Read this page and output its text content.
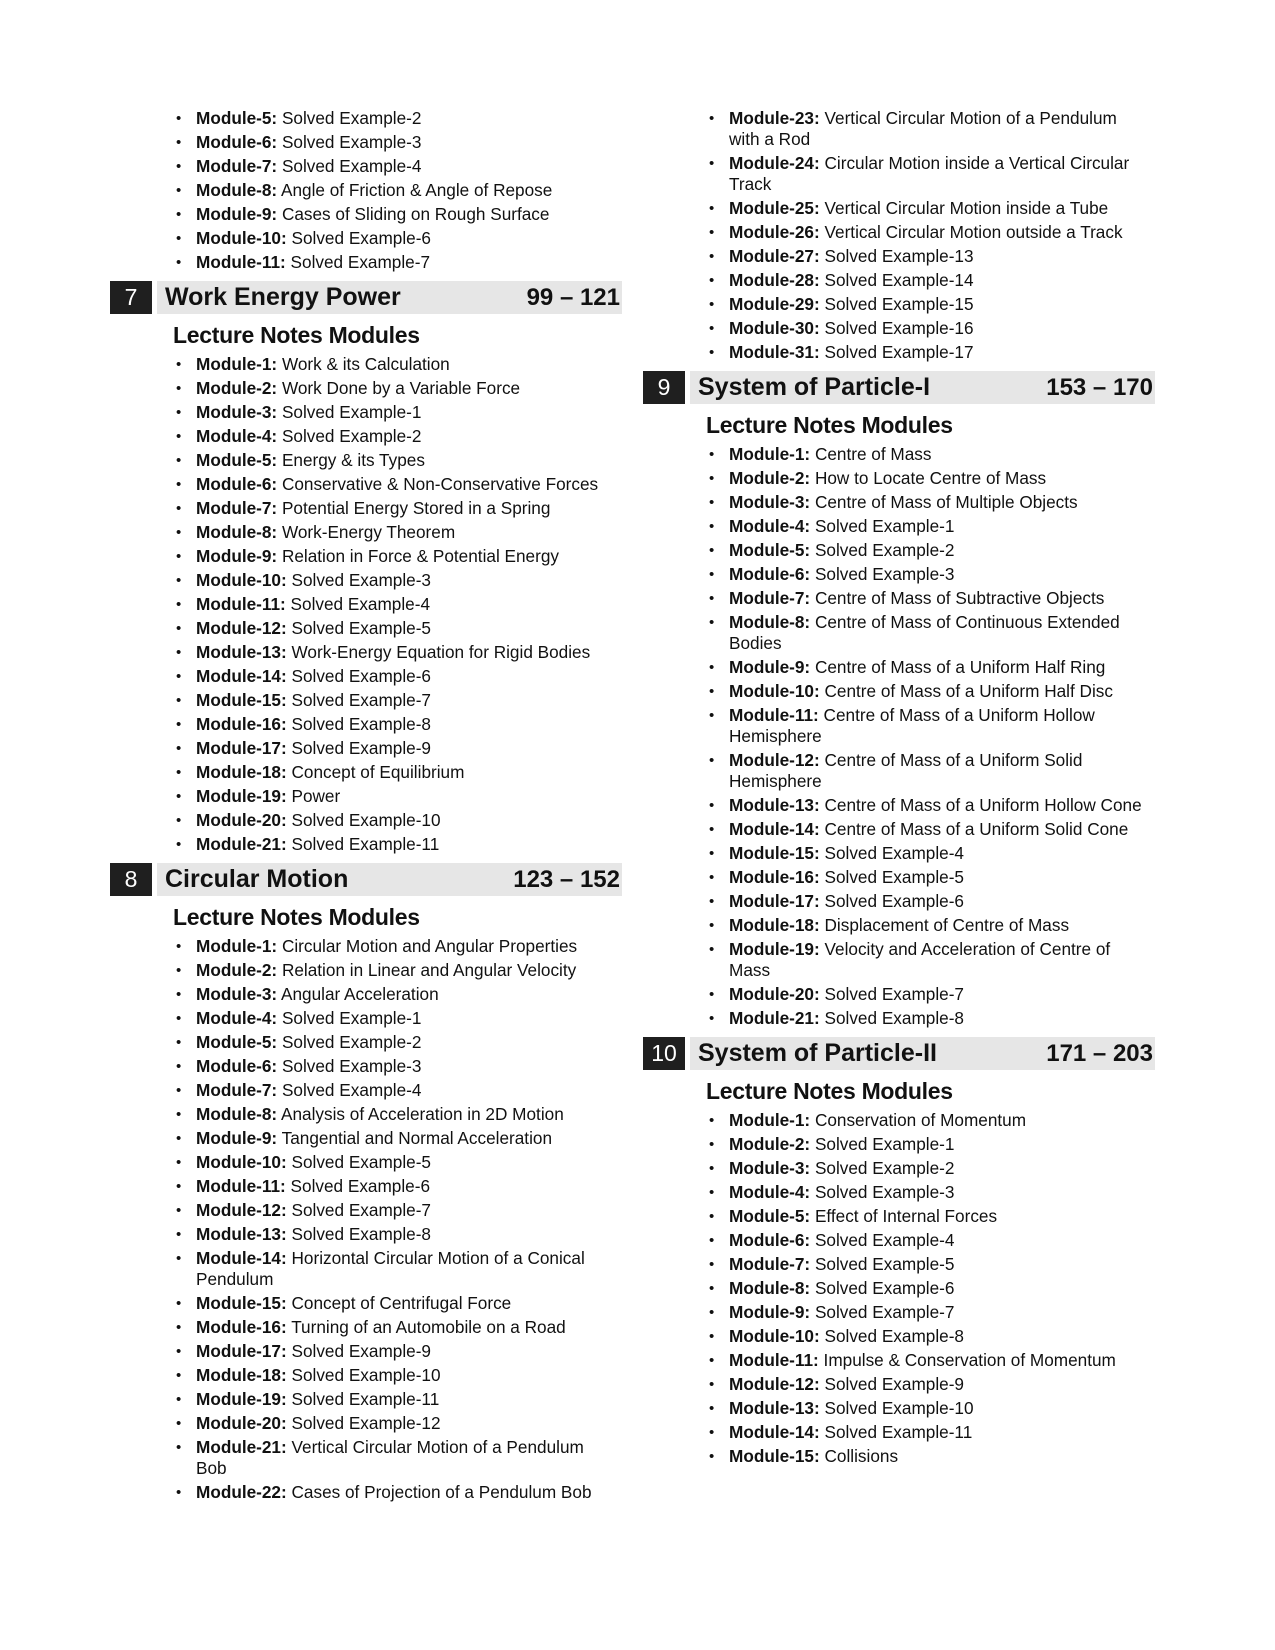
• Module-5: Solved Example-2
• Module-6: Solved Example-3
• Module-7: Solved Example-4
• Module-8: Angle of Friction & Angle of Repose
• Module-9: Cases of Sliding on Rough Surface
• Module-10: Solved Example-6
• Module-11: Solved Example-7
7	Work Energy Power	99 – 121
Lecture Notes Modules
• Module-1: Work & its Calculation
• Module-2: Work Done by a Variable Force
• Module-3: Solved Example-1
• Module-4: Solved Example-2
• Module-5: Energy & its Types
• Module-6: Conservative & Non-Conservative Forces
• Module-7: Potential Energy Stored in a Spring
• Module-8: Work-Energy Theorem
• Module-9: Relation in Force & Potential Energy
• Module-10: Solved Example-3
• Module-11: Solved Example-4
• Module-12: Solved Example-5
• Module-13: Work-Energy Equation for Rigid Bodies
• Module-14: Solved Example-6
• Module-15: Solved Example-7
• Module-16: Solved Example-8
• Module-17: Solved Example-9
• Module-18: Concept of Equilibrium
• Module-19: Power
• Module-20: Solved Example-10
• Module-21: Solved Example-11
8	Circular Motion	123 – 152
Lecture Notes Modules
• Module-1: Circular Motion and Angular Properties
• Module-2: Relation in Linear and Angular Velocity
• Module-3: Angular Acceleration
• Module-4: Solved Example-1
• Module-5: Solved Example-2
• Module-6: Solved Example-3
• Module-7: Solved Example-4
• Module-8: Analysis of Acceleration in 2D Motion
• Module-9: Tangential and Normal Acceleration
• Module-10: Solved Example-5
• Module-11: Solved Example-6
• Module-12: Solved Example-7
• Module-13: Solved Example-8
• Module-14: Horizontal Circular Motion of a Conical Pendulum
• Module-15: Concept of Centrifugal Force
• Module-16: Turning of an Automobile on a Road
• Module-17: Solved Example-9
• Module-18: Solved Example-10
• Module-19: Solved Example-11
• Module-20: Solved Example-12
• Module-21: Vertical Circular Motion of a Pendulum Bob
• Module-22: Cases of Projection of a Pendulum Bob
• Module-23: Vertical Circular Motion of a Pendulum with a Rod
• Module-24: Circular Motion inside a Vertical Circular Track
• Module-25: Vertical Circular Motion inside a Tube
• Module-26: Vertical Circular Motion outside a Track
• Module-27: Solved Example-13
• Module-28: Solved Example-14
• Module-29: Solved Example-15
• Module-30: Solved Example-16
• Module-31: Solved Example-17
9	System of Particle-I	153 – 170
Lecture Notes Modules
• Module-1: Centre of Mass
• Module-2: How to Locate Centre of Mass
• Module-3: Centre of Mass of Multiple Objects
• Module-4: Solved Example-1
• Module-5: Solved Example-2
• Module-6: Solved Example-3
• Module-7: Centre of Mass of Subtractive Objects
• Module-8: Centre of Mass of Continuous Extended Bodies
• Module-9: Centre of Mass of a Uniform Half Ring
• Module-10: Centre of Mass of a Uniform Half Disc
• Module-11: Centre of Mass of a Uniform Hollow Hemisphere
• Module-12: Centre of Mass of a Uniform Solid Hemisphere
• Module-13: Centre of Mass of a Uniform Hollow Cone
• Module-14: Centre of Mass of a Uniform Solid Cone
• Module-15: Solved Example-4
• Module-16: Solved Example-5
• Module-17: Solved Example-6
• Module-18: Displacement of Centre of Mass
• Module-19: Velocity and Acceleration of Centre of Mass
• Module-20: Solved Example-7
• Module-21: Solved Example-8
10 System of Particle-II	171 – 203
Lecture Notes Modules
• Module-1: Conservation of Momentum
• Module-2: Solved Example-1
• Module-3: Solved Example-2
• Module-4: Solved Example-3
• Module-5: Effect of Internal Forces
• Module-6: Solved Example-4
• Module-7: Solved Example-5
• Module-8: Solved Example-6
• Module-9: Solved Example-7
• Module-10: Solved Example-8
• Module-11: Impulse & Conservation of Momentum
• Module-12: Solved Example-9
• Module-13: Solved Example-10
• Module-14: Solved Example-11
• Module-15: Collisions
